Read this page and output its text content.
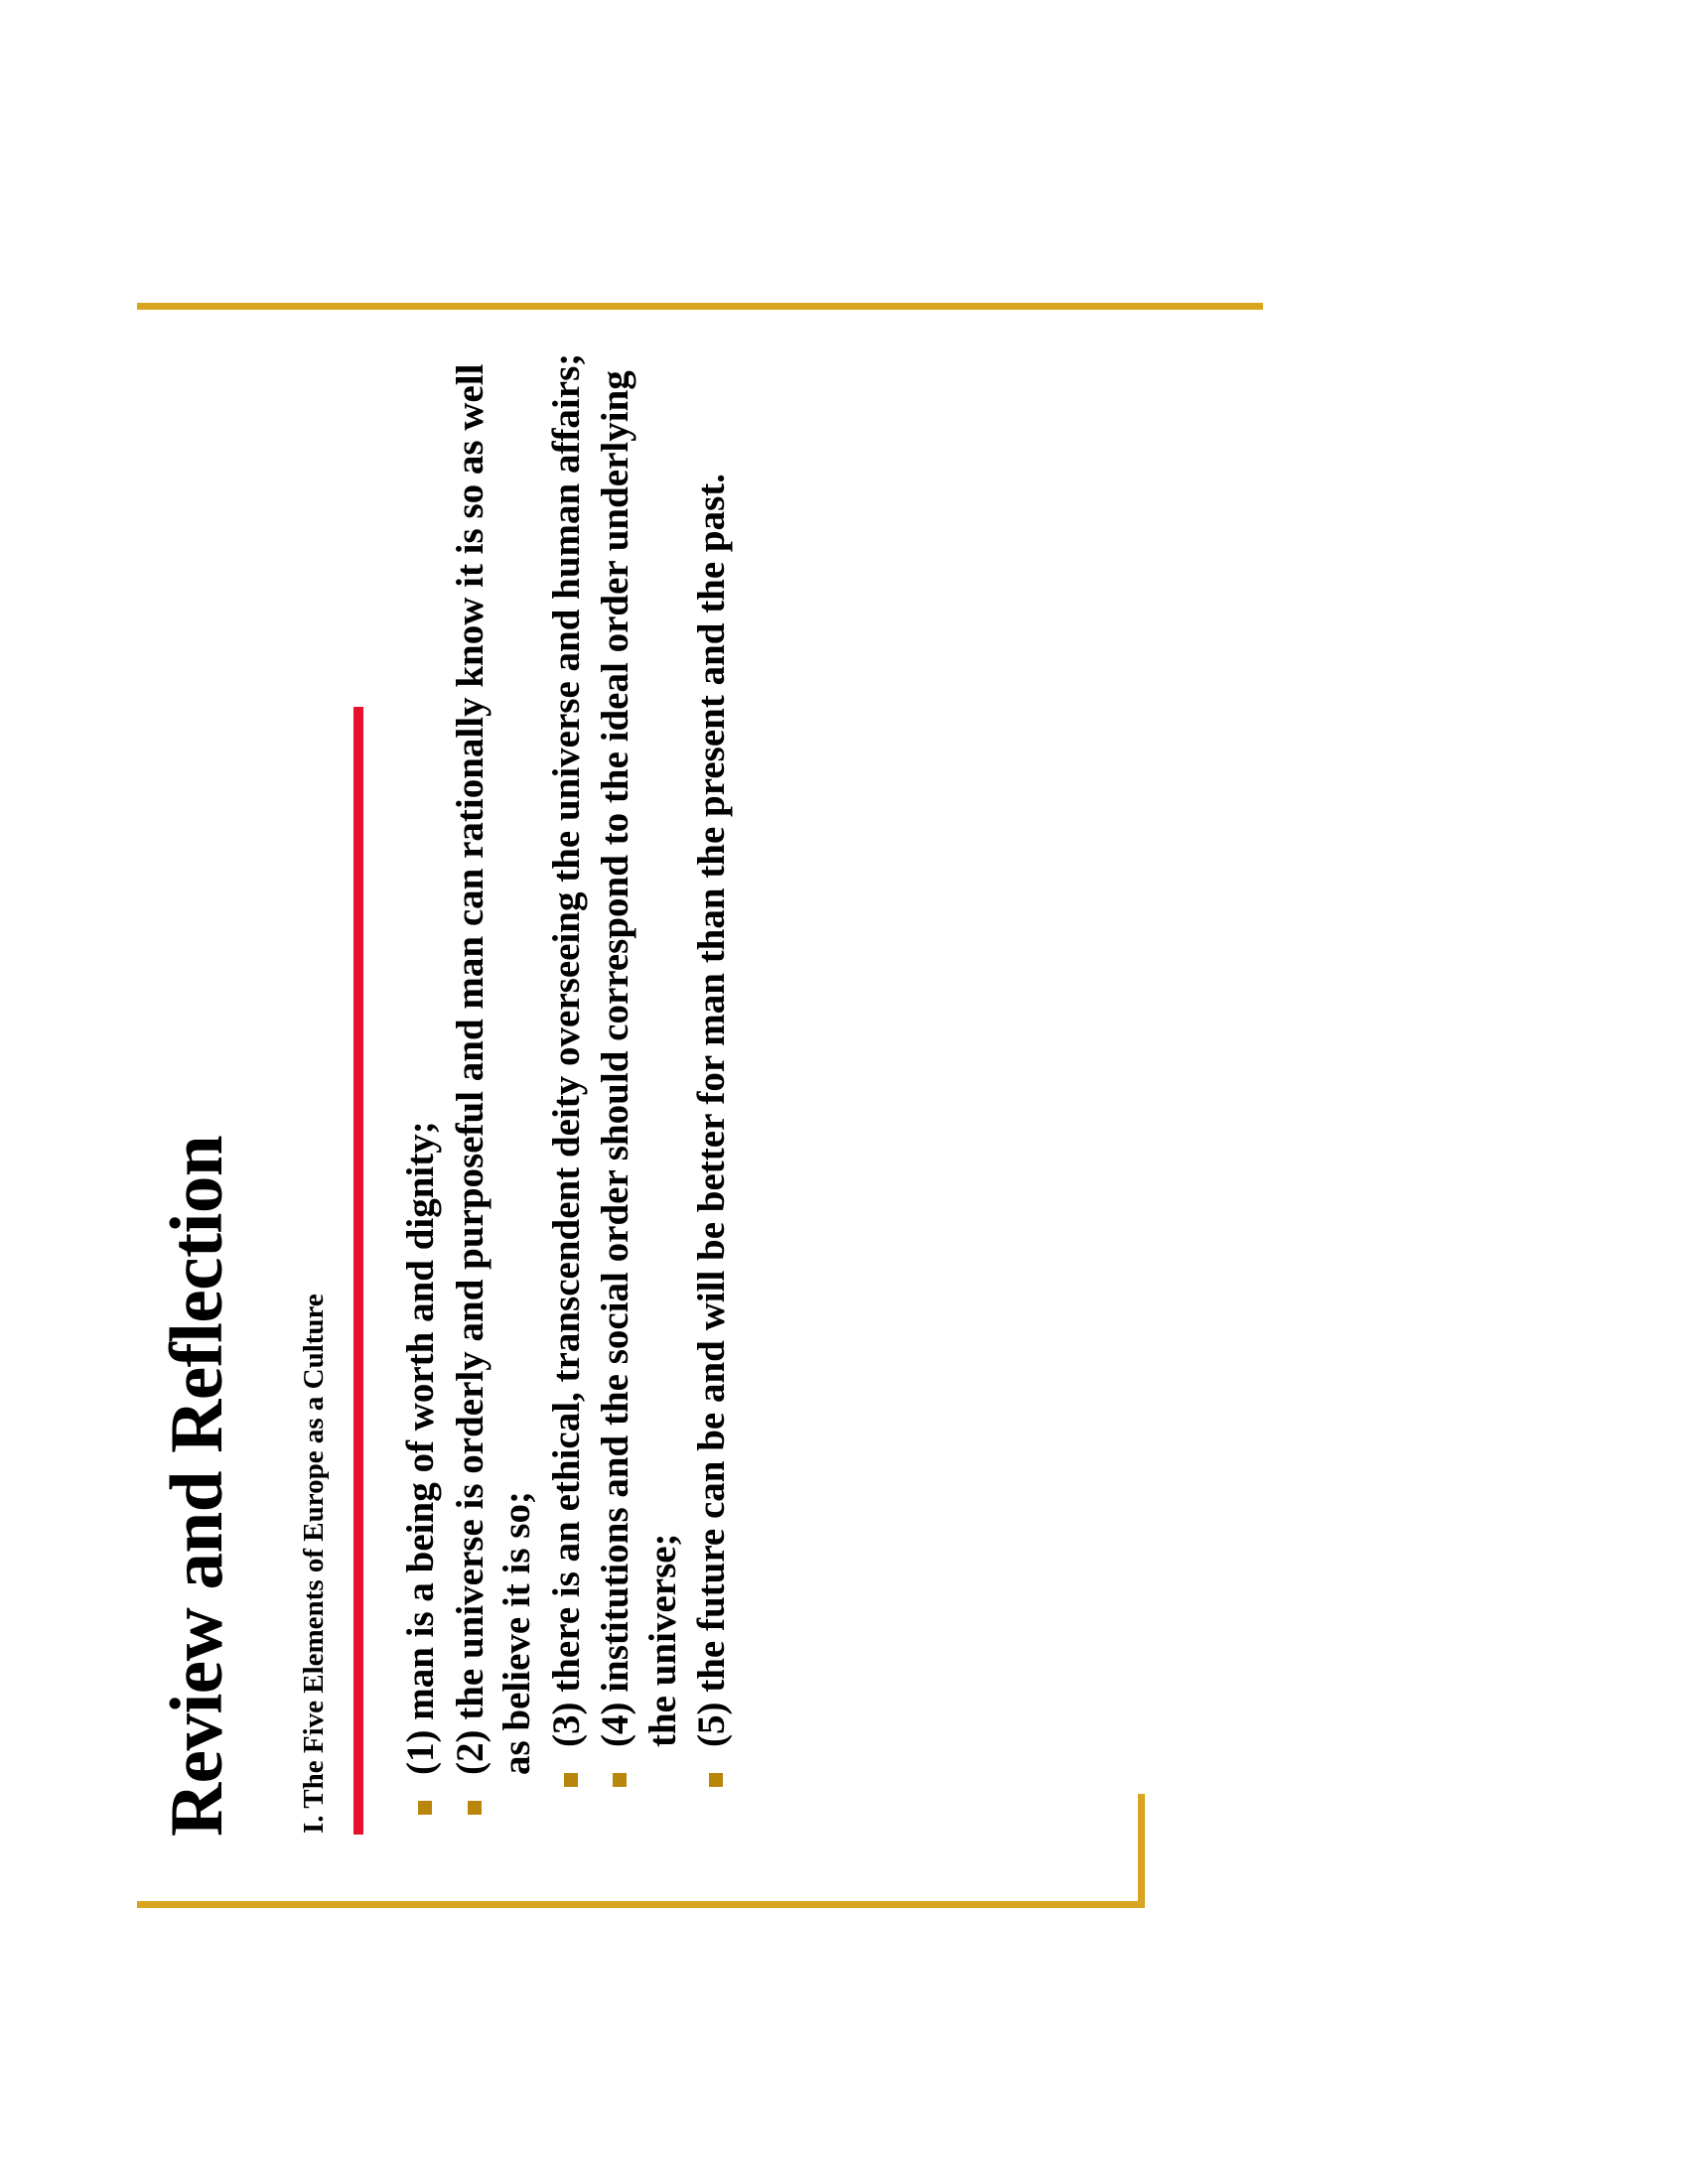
Review and Reflection I. The Five Elements of Europe as a Culture (1) man is a being of worth and dignity; (2) the universe is orderly and purposeful and man can rationally know it is so as well as believe it is so; (3) there is an ethical, transcendent deity overseeing the universe and human affairs; (4) institutions and the social order should correspond to the ideal order underlying the universe; (5) the future can be and will be better for man than the present and the past.
